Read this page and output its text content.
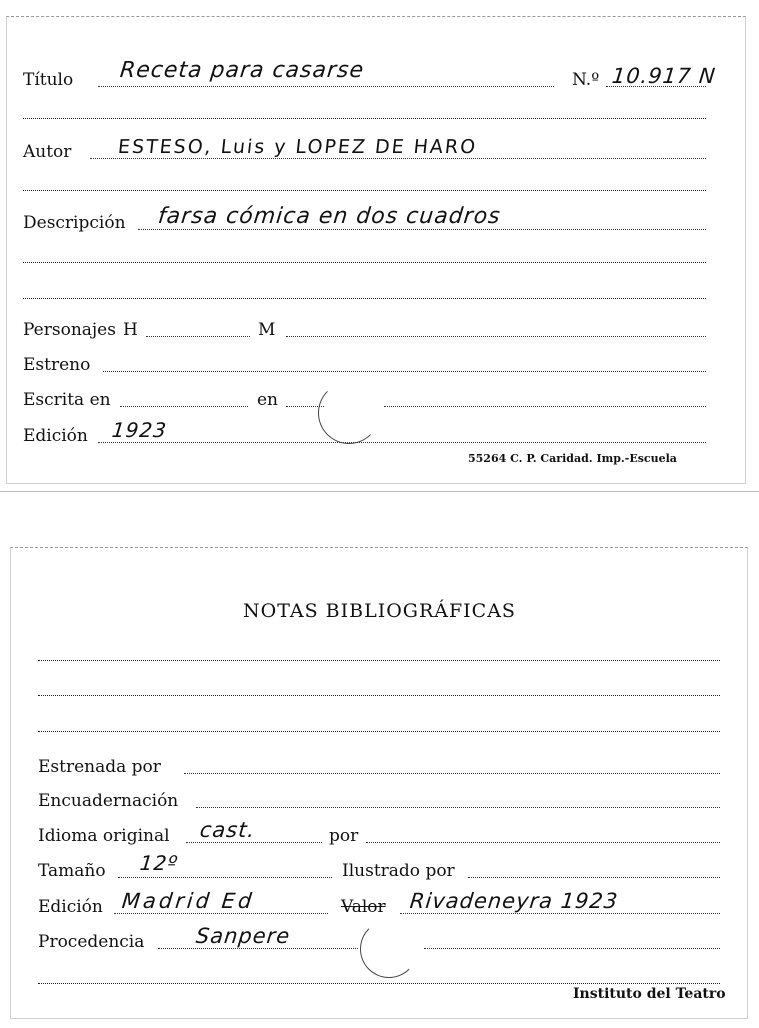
Título Receta para casarse	N.º 10.917 N
Autor ESTESO, Luis y LOPEZ DE HARO
Descripción farsa cómica en dos cuadros
Personajes H	M
Estreno
Escrita en	en
Edición 1923
55264 C. P. Caridad. Imp.-Escuela
NOTAS BIBLIOGRÁFICAS
Estrenada por
Encuadernación
Idioma original cast.	por
Tamaño 12º	Ilustrado por
Edición Madrid Ed	Valor Rivadeneyra 1923
Procedencia Sanpere
Instituto del Teatro
